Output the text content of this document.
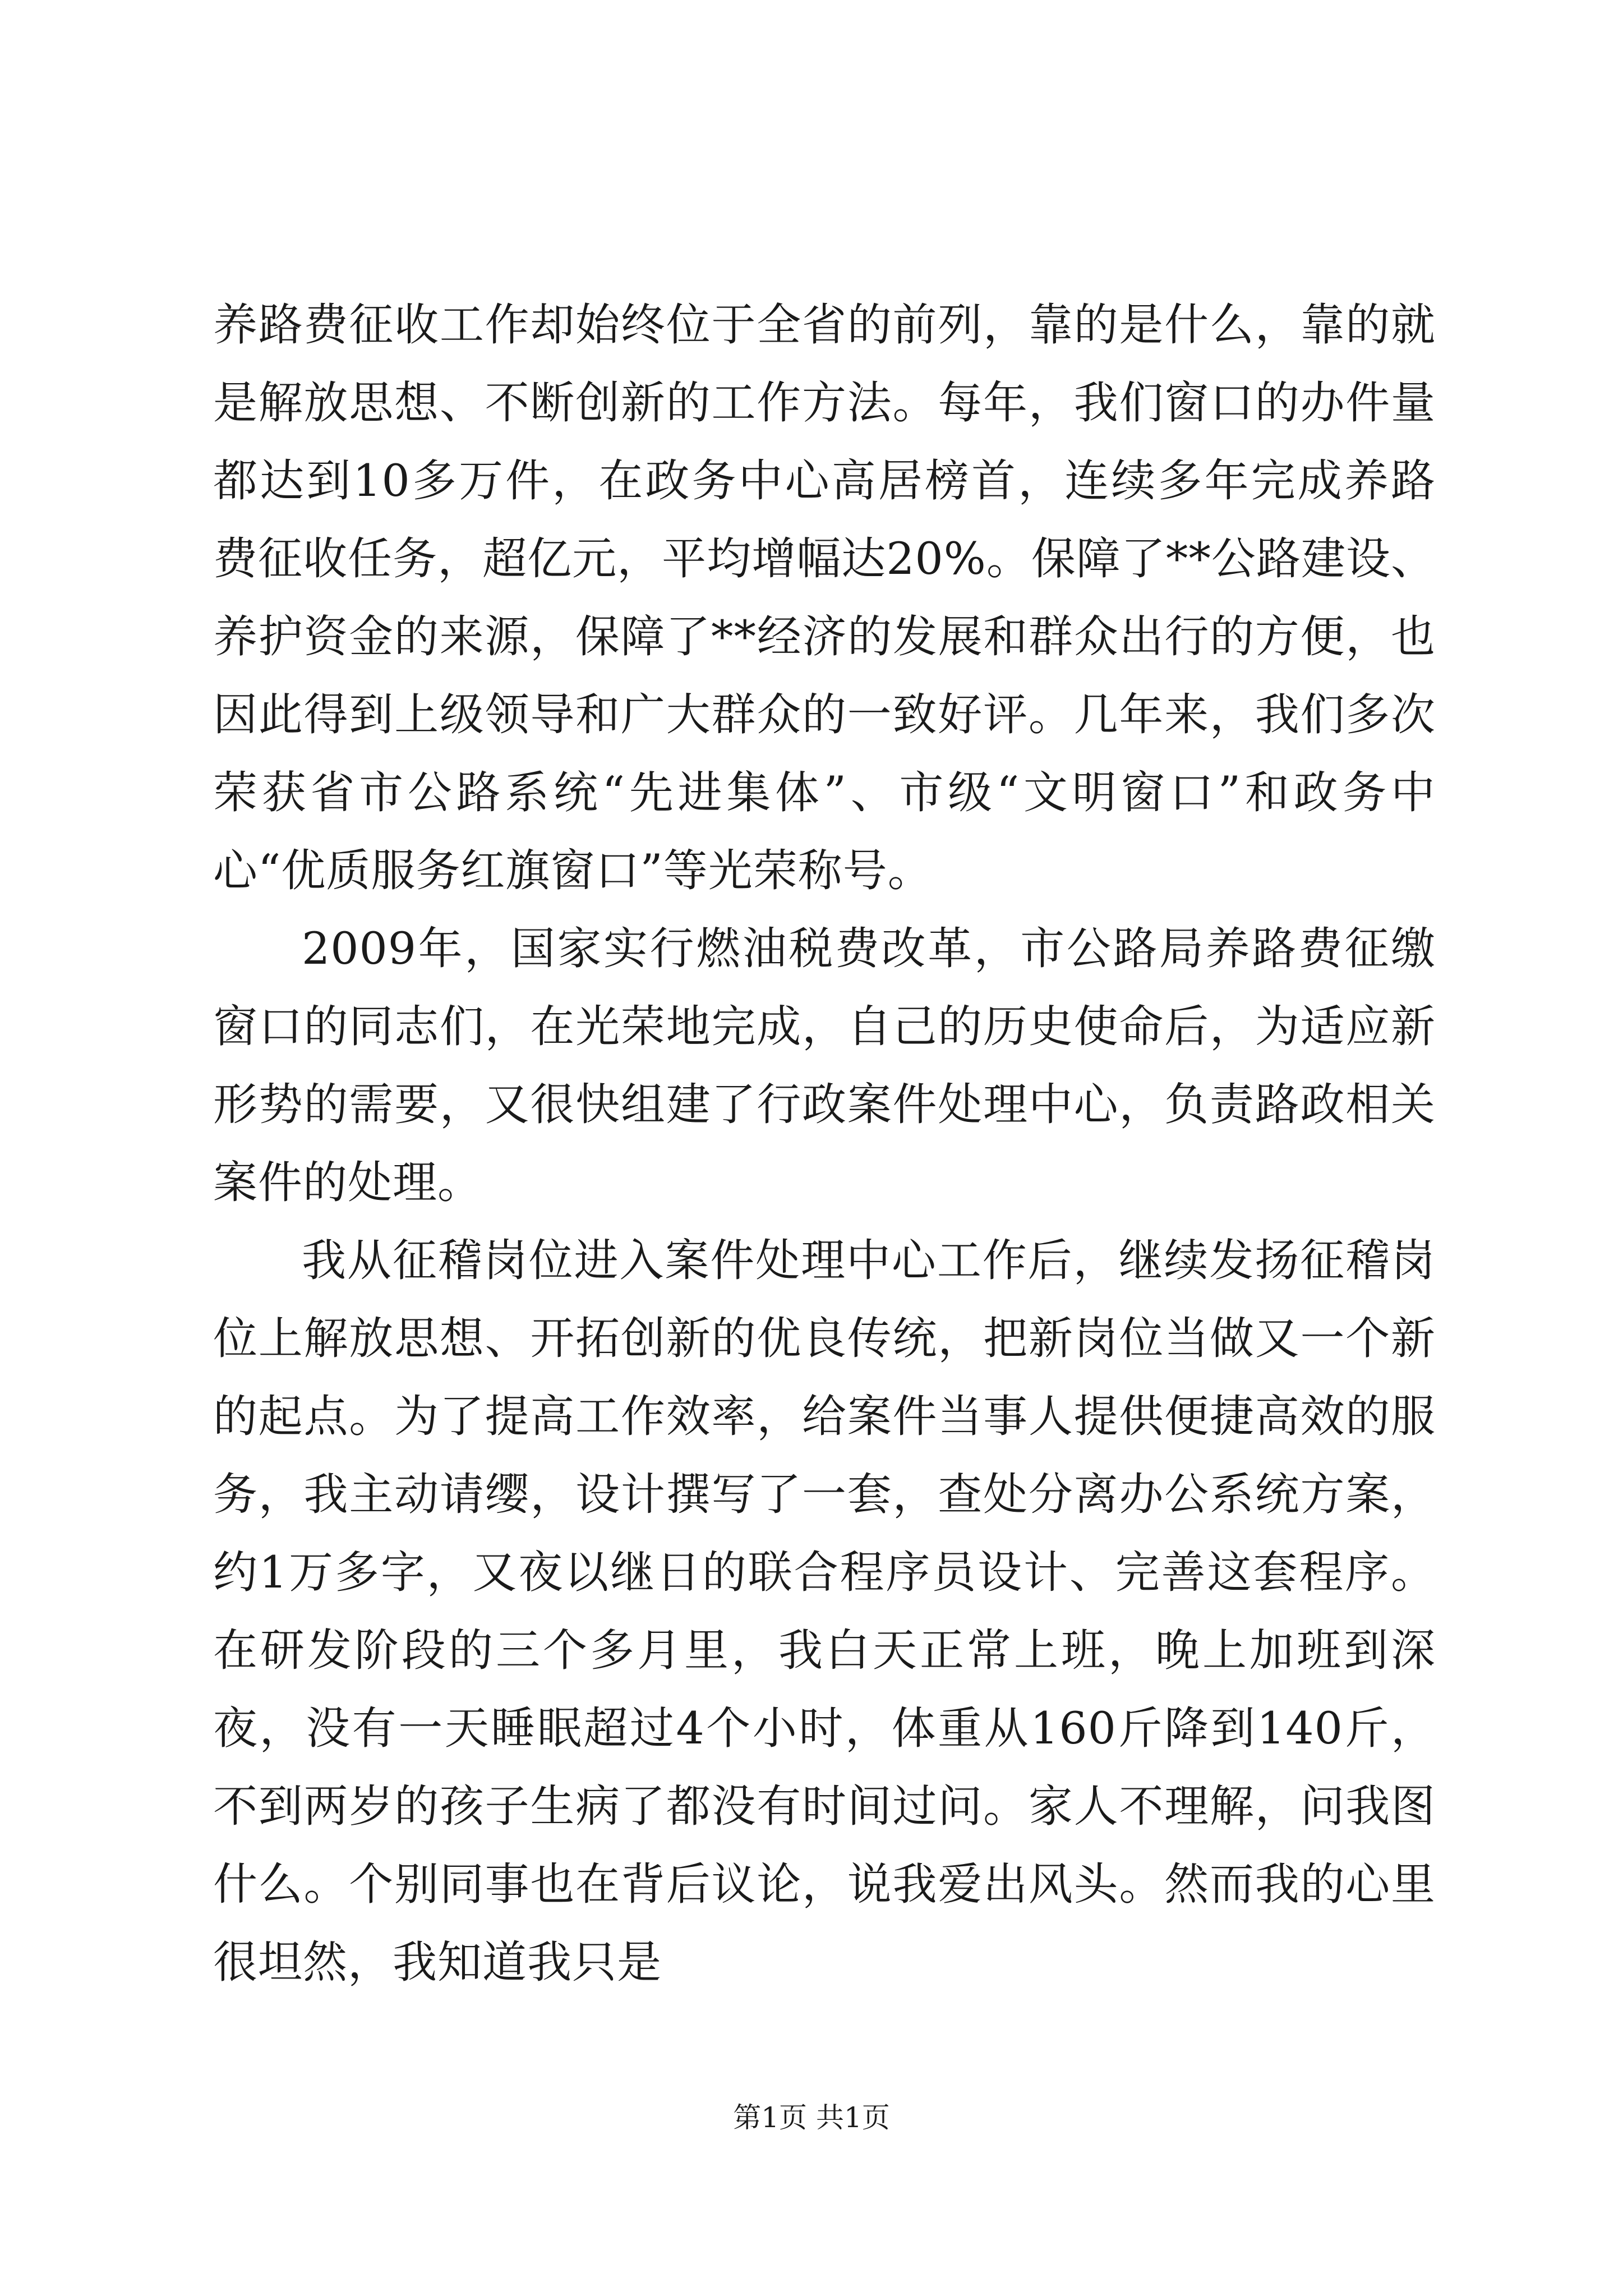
养路费征收工作却始终位于全省的前列，靠的是什么，靠的就是解放思想、不断创新的工作方法。每年，我们窗口的办件量都达到10多万件，在政务中心高居榜首，连续多年完成养路费征收任务，超亿元，平均增幅达20%。保障了**公路建设、养护资金的来源，保障了**经济的发展和群众出行的方便，也因此得到上级领导和广大群众的一致好评。几年来，我们多次荣获省市公路系统“先进集体”、市级“文明窗口”和政务中心“优质服务红旗窗口”等光荣称号。

2009年，国家实行燃油税费改革，市公路局养路费征缴窗口的同志们，在光荣地完成，自己的历史使命后，为适应新形势的需要，又很快组建了行政案件处理中心，负责路政相关案件的处理。

我从征稽岗位进入案件处理中心工作后，继续发扬征稽岗位上解放思想、开拓创新的优良传统，把新岗位当做又一个新的起点。为了提高工作效率，给案件当事人提供便捷高效的服务，我主动请缨，设计撰写了一套，查处分离办公系统方案，约1万多字，又夜以继日的联合程序员设计、完善这套程序。在研发阶段的三个多月里，我白天正常上班，晚上加班到深夜，没有一天睡眠超过4个小时，体重从160斤降到140斤，不到两岁的孩子生病了都没有时间过问。家人不理解，问我图什么。个别同事也在背后议论，说我爱出风头。然而我的心里很坦然，我知道我只是

第1页 共1页
